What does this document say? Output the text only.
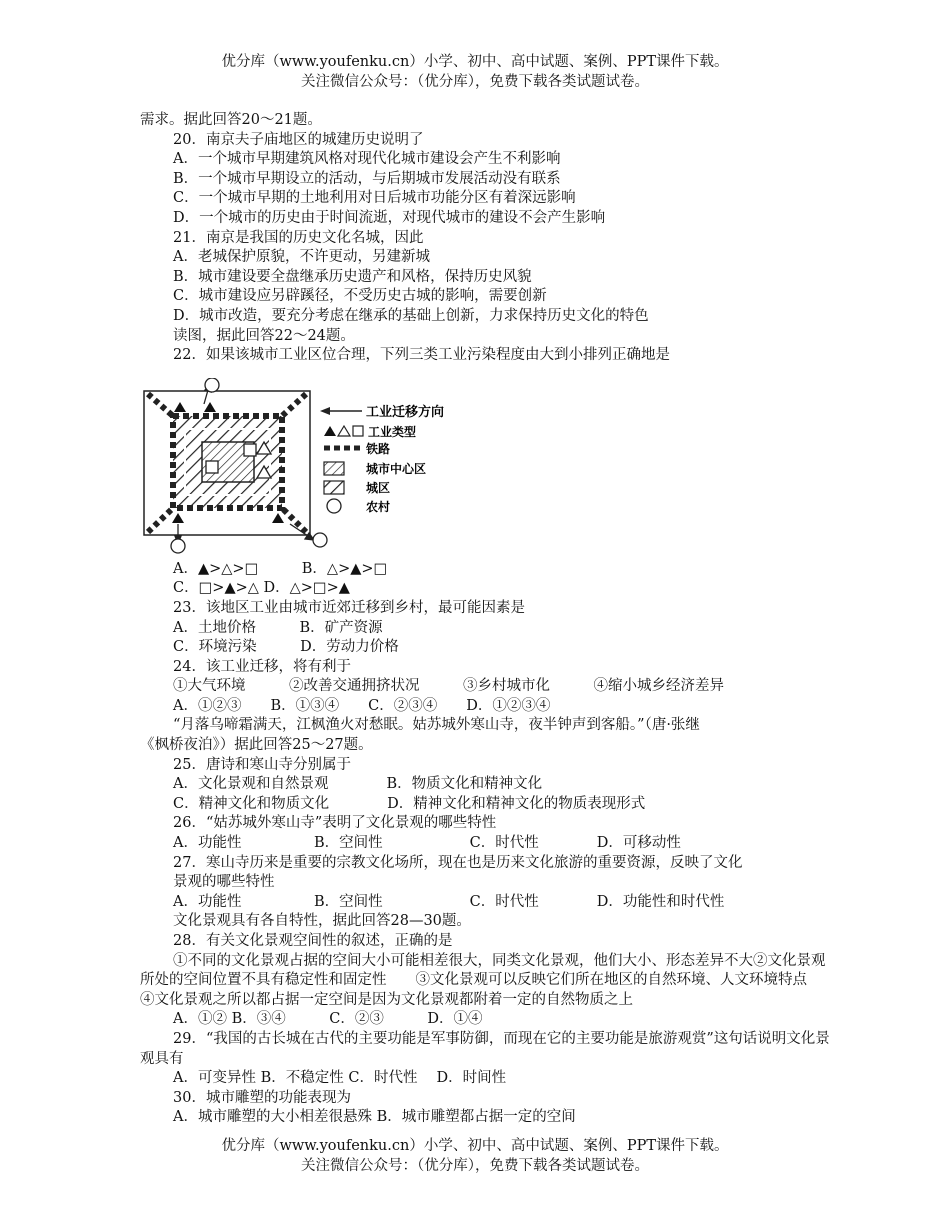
优分库（www.youfenku.cn）小学、初中、高中试题、案例、PPT课件下载。
关注微信公众号：（优分库），免费下载各类试题试卷。
需求。据此回答20～21题。
20．南京夫子庙地区的城建历史说明了
A．一个城市早期建筑风格对现代化城市建设会产生不利影响
B．一个城市早期设立的活动，与后期城市发展活动没有联系
C．一个城市早期的土地利用对日后城市功能分区有着深远影响
D．一个城市的历史由于时间流逝，对现代城市的建设不会产生影响
21．南京是我国的历史文化名城，因此
A．老城保护原貌，不许更动，另建新城
B．城市建设要全盘继承历史遗产和风格，保持历史风貌
C．城市建设应另辟蹊径，不受历史古城的影响，需要创新
D．城市改造，要充分考虑在继承的基础上创新，力求保持历史文化的特色
读图，据此回答22～24题。
22．如果该城市工业区位合理，下列三类工业污染程度由大到小排列正确地是
工业迁移方向
工业类型
铁路
城市中心区
城区
农村
A．▲>△>□　　　B．△>▲>□
C．□>▲>△ D．△>□>▲
23．该地区工业由城市近郊迁移到乡村，最可能因素是
A．土地价格　　　B．矿产资源
C．环境污染　　　D．劳动力价格
24．该工业迁移，将有利于
①大气环境　　　②改善交通拥挤状况　　　③乡村城市化　　　④缩小城乡经济差异
A．①②③　　B．①③④　　C．②③④　　D．①②③④
“月落乌啼霜满天，江枫渔火对愁眠。姑苏城外寒山寺，夜半钟声到客船。”（唐·张继
《枫桥夜泊》）据此回答25～27题。
25．唐诗和寒山寺分别属于
A．文化景观和自然景观　　　　B．物质文化和精神文化
C．精神文化和物质文化　　　　D．精神文化和精神文化的物质表现形式
26．“姑苏城外寒山寺”表明了文化景观的哪些特性
A．功能性　　　　　B．空间性　　　　　　C．时代性　　　　D．可移动性
27．寒山寺历来是重要的宗教文化场所，现在也是历来文化旅游的重要资源，反映了文化
景观的哪些特性
A．功能性　　　　　B．空间性　　　　　　C．时代性　　　　D．功能性和时代性
文化景观具有各自特性，据此回答28—30题。
28．有关文化景观空间性的叙述，正确的是
①不同的文化景观占据的空间大小可能相差很大，同类文化景观，他们大小、形态差异不大②文化景观所处的空间位置不具有稳定性和固定性　　③文化景观可以反映它们所在地区的自然环境、人文环境特点　　④文化景观之所以都占据一定空间是因为文化景观都附着一定的自然物质之上
A．①② B．③④　　　C．②③　　　D．①④
29．“我国的古长城在古代的主要功能是军事防御，而现在它的主要功能是旅游观赏”这句话说明文化景观具有
A．可变异性 B．不稳定性 C．时代性　 D．时间性
30．城市雕塑的功能表现为
A．城市雕塑的大小相差很悬殊 B．城市雕塑都占据一定的空间
优分库（www.youfenku.cn）小学、初中、高中试题、案例、PPT课件下载。
关注微信公众号：（优分库），免费下载各类试题试卷。
